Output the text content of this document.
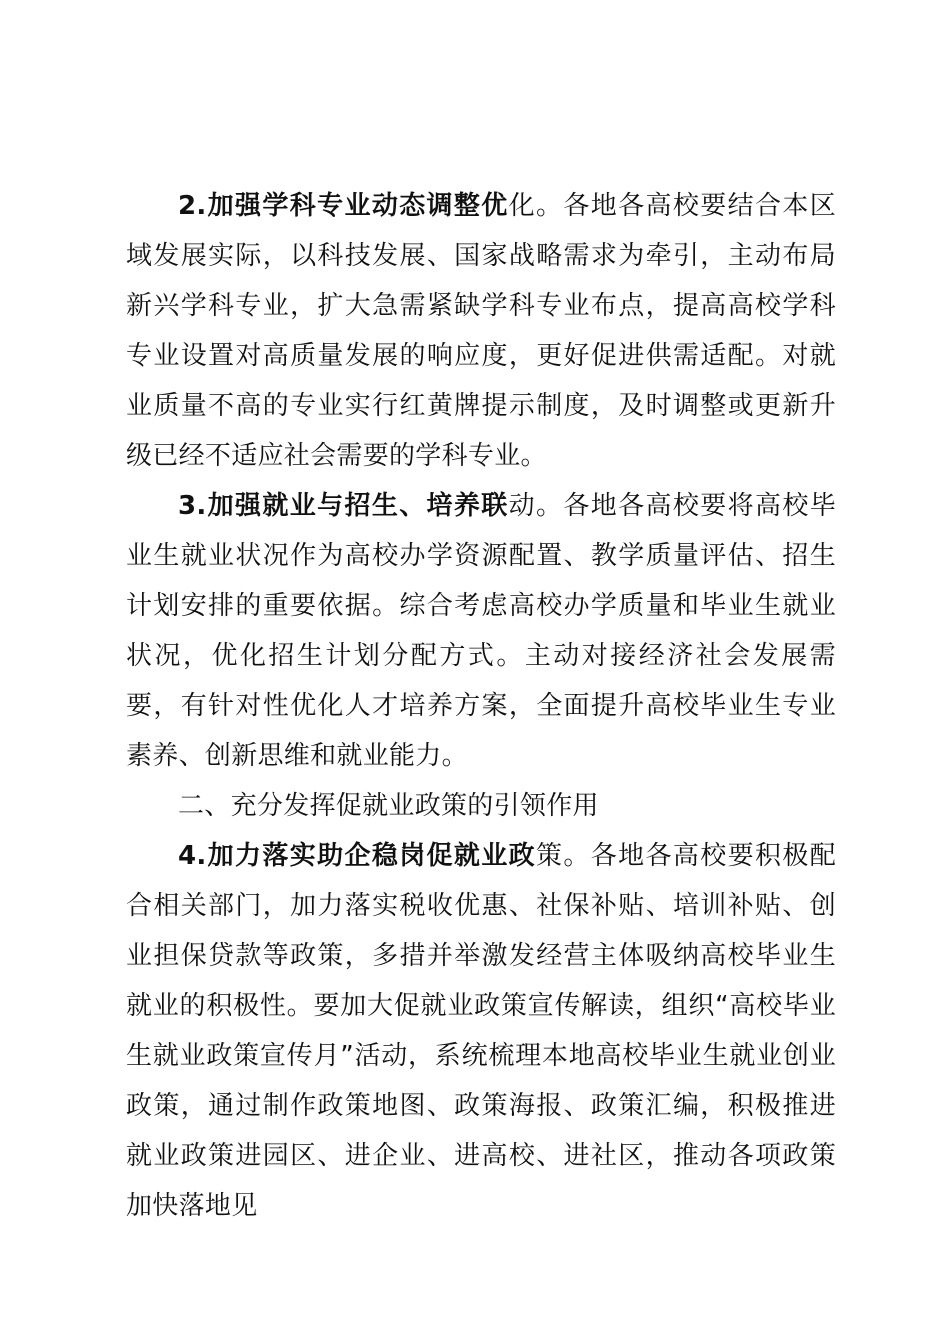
2.加强学科专业动态调整优化。各地各高校要结合本区域发展实际，以科技发展、国家战略需求为牵引，主动布局新兴学科专业，扩大急需紧缺学科专业布点，提高高校学科专业设置对高质量发展的响应度，更好促进供需适配。对就业质量不高的专业实行红黄牌提示制度，及时调整或更新升级已经不适应社会需要的学科专业。

3.加强就业与招生、培养联动。各地各高校要将高校毕业生就业状况作为高校办学资源配置、教学质量评估、招生计划安排的重要依据。综合考虑高校办学质量和毕业生就业状况，优化招生计划分配方式。主动对接经济社会发展需要，有针对性优化人才培养方案，全面提升高校毕业生专业素养、创新思维和就业能力。

二、充分发挥促就业政策的引领作用

4.加力落实助企稳岗促就业政策。各地各高校要积极配合相关部门，加力落实税收优惠、社保补贴、培训补贴、创业担保贷款等政策，多措并举激发经营主体吸纳高校毕业生就业的积极性。要加大促就业政策宣传解读，组织“高校毕业生就业政策宣传月”活动，系统梳理本地高校毕业生就业创业政策，通过制作政策地图、政策海报、政策汇编，积极推进就业政策进园区、进企业、进高校、进社区，推动各项政策加快落地见
